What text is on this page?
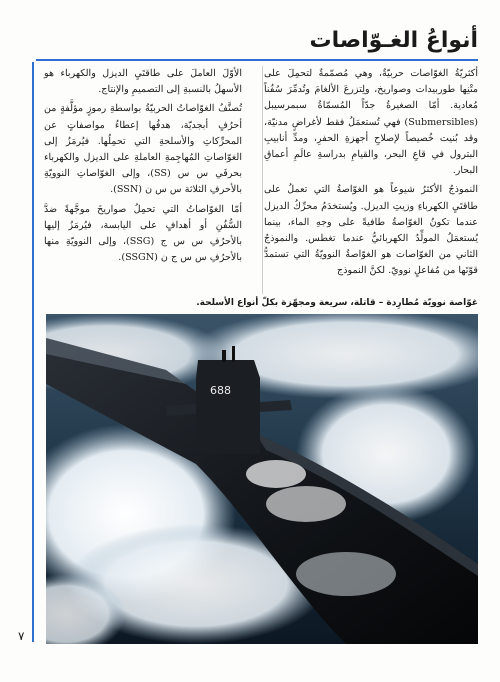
أنواعُ الغـوّاصات

أكثريّةُ الغوّاصات حربيّةٌ، وهي مُصمّمةٌ لتحمِلَ على متْنِها طوربيدات وصواريخ، ولِتزرعَ الألغامَ وتُدمِّرَ سُفُناً مُعادية. أمّا الصغيرةُ جدّاً المُسمّاةُ سبمرسيبل (Submersibles) فهي تُستعمَلُ فقط لأغراضٍ مدنيّة، وقد بُنيت خُصيصاً لإصلاحِ أجهزةِ الحفرِ، ومدِّ أنابيبِ البترول في قاعِ البحر، والقيامِ بدراسةِ عالَمِ أعماقِ البحار.

النموذجُ الأكثرُ شيوعاً هو الغوّاصةُ التي تعملُ على طاقتَيِ الكهرباءِ وزيتِ الديزل. ويُستخدَمُ محرِّكُ الديزل عندما تكونُ الغوّاصةُ طافيةً على وجهِ الماء، بينما يُستعمَلُ المولِّدُ الكهربائيُّ عندما تغطس. والنموذجُ الثاني من الغوّاصات هو الغوّاصةُ النوويّةُ التي تستمدُّ قوّتَها من مُفاعلٍ نوويّ. لكنَّ النموذج

الأوّلَ العاملَ على طاقتَيِ الديزل والكهرباء هو الأسهلُ بالنسبةِ إلى التصميمِ والإنتاج.

تُصنَّفُ الغوّاصاتُ الحربيّةُ بواسطةِ رموزٍ مؤلَّفةٍ من أحرُفٍ أبجديّة، هدفُها إعطاءُ مواصفاتٍ عن المحرِّكاتِ والأسلحةِ التي تحمِلُها. فيُرمَزُ إلى الغوّاصاتِ المُهاجِمةِ العاملةِ على الديزل والكهرباء بحرفَي س س (SS)، وإلى الغوّاصاتِ النوويّةِ بالأحرفِ الثلاثة س س ن (SSN).

أمّا الغوّاصاتُ التي تحمِلُ صواريخَ موجَّهةً ضدَّ السُّفُنِ أو أهدافٍ على اليابسة، فيُرمَزُ إليها بالأحرُفِ س س ج (SSG)، وإلى النوويّةِ منها بالأحرُفِ س س ج ن (SSGN).

غوّاصة نوويّة مُطارِدة – قاتلة، سريعة ومجهّزة بكلّ أنواع الأسلحة.
688
٧
